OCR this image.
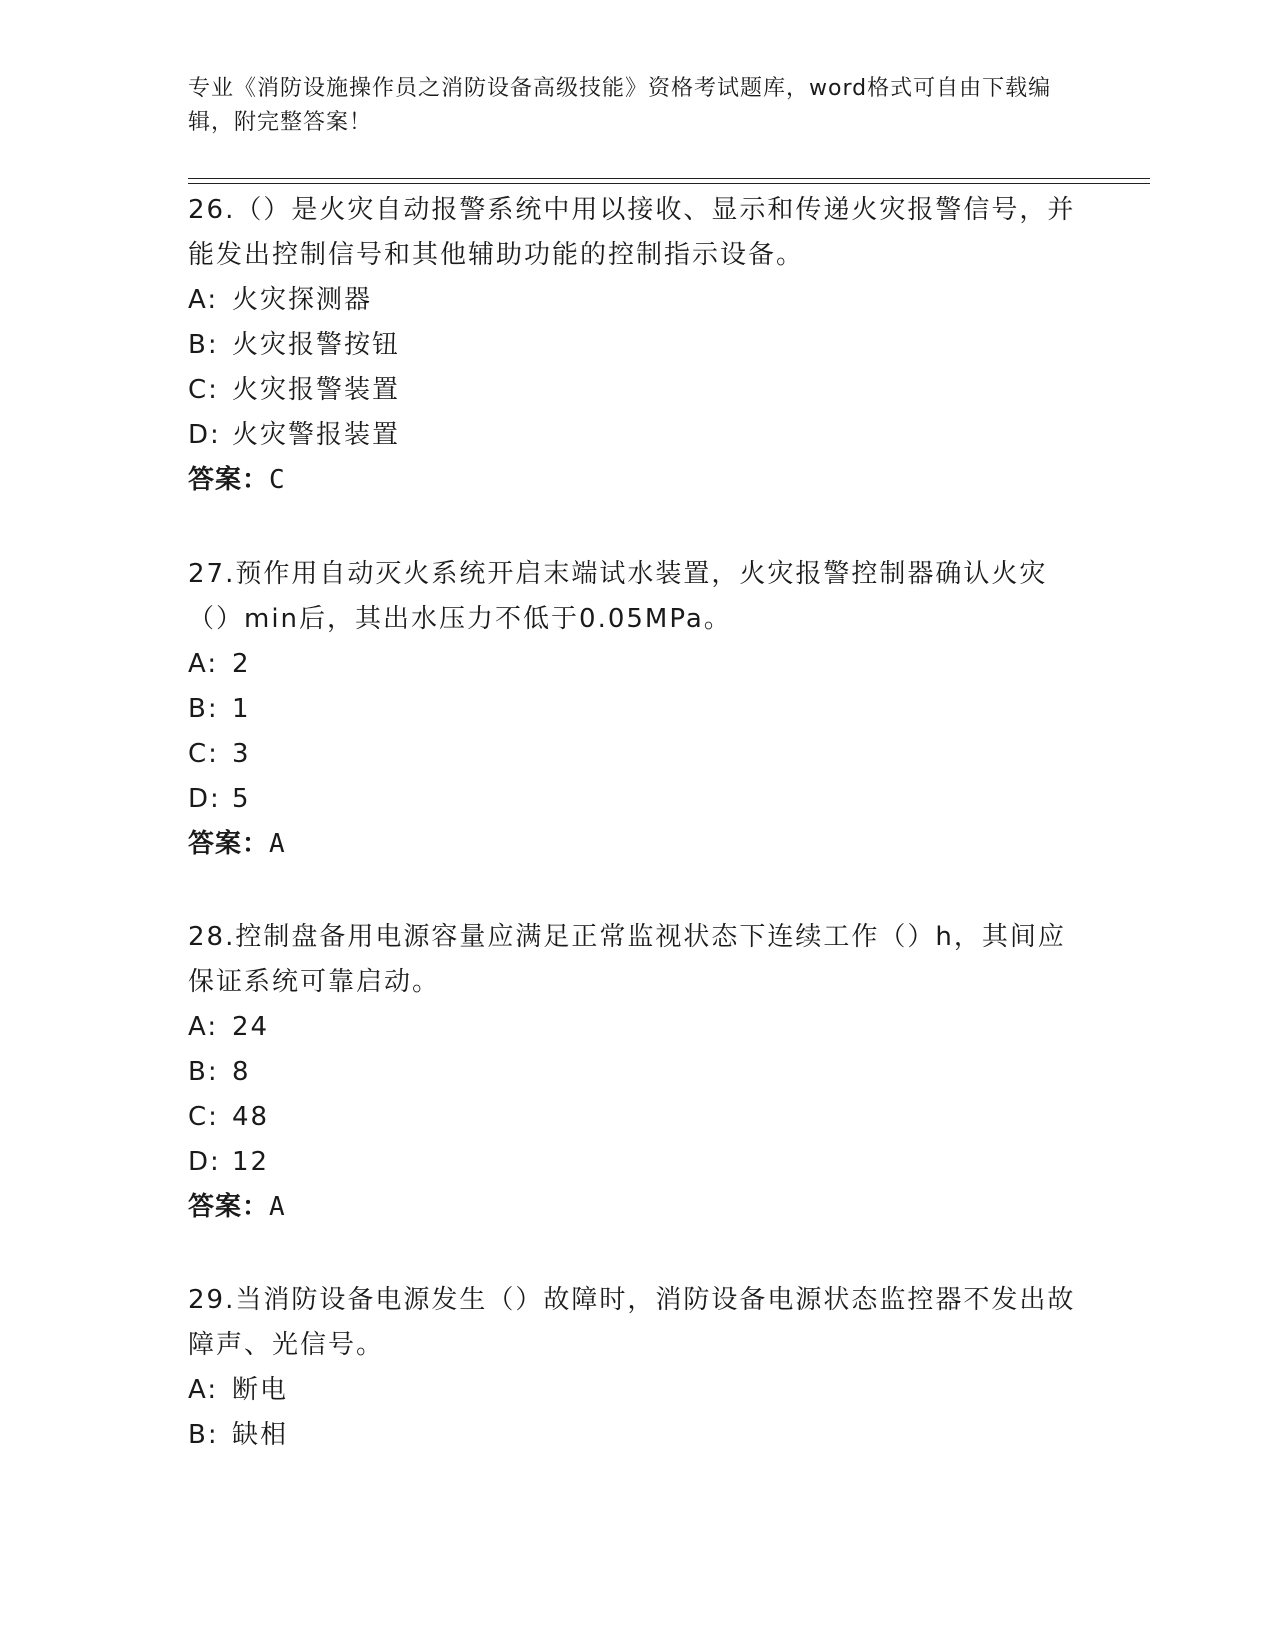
专业《消防设施操作员之消防设备高级技能》资格考试题库，word格式可自由下载编辑，附完整答案！

26.（）是火灾自动报警系统中用以接收、显示和传递火灾报警信号，并能发出控制信号和其他辅助功能的控制指示设备。

A: 火灾探测器

B: 火灾报警按钮

C: 火灾报警装置

D: 火灾警报装置

答案：C

27.预作用自动灭火系统开启末端试水装置，火灾报警控制器确认火灾（）min后，其出水压力不低于0.05MPa。

A: 2

B: 1

C: 3

D: 5

答案：A

28.控制盘备用电源容量应满足正常监视状态下连续工作（）h，其间应保证系统可靠启动。

A: 24

B: 8

C: 48

D: 12

答案：A

29.当消防设备电源发生（）故障时，消防设备电源状态监控器不发出故障声、光信号。

A: 断电

B: 缺相
